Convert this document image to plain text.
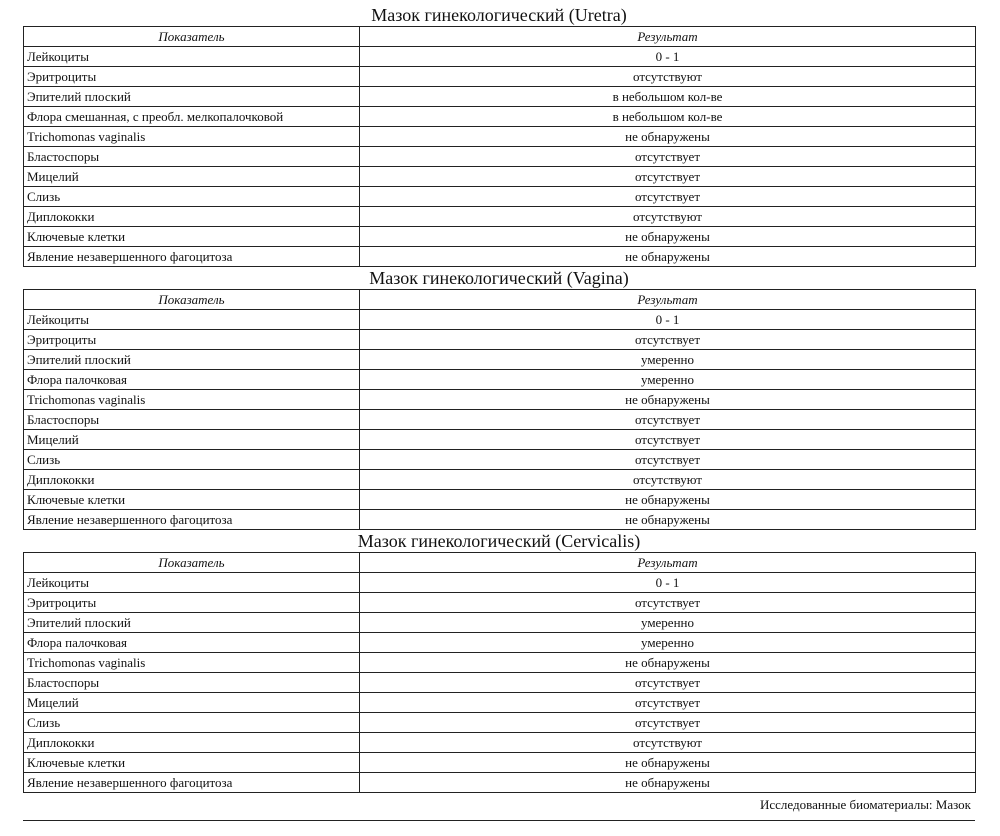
Мазок гинекологический (Uretra)
Показатель	Результат
Лейкоциты	0 - 1
Эритроциты	отсутствуют
Эпителий плоский	в небольшом кол-ве
Флора смешанная, с преобл. мелкопалочковой	в небольшом кол-ве
Trichomonas vaginalis	не обнаружены
Бластоспоры	отсутствует
Мицелий	отсутствует
Слизь	отсутствует
Диплококки	отсутствуют
Ключевые клетки	не обнаружены
Явление незавершенного фагоцитоза	не обнаружены
Мазок гинекологический (Vagina)
Показатель	Результат
Лейкоциты	0 - 1
Эритроциты	отсутствует
Эпителий плоский	умеренно
Флора палочковая	умеренно
Trichomonas vaginalis	не обнаружены
Бластоспоры	отсутствует
Мицелий	отсутствует
Слизь	отсутствует
Диплококки	отсутствуют
Ключевые клетки	не обнаружены
Явление незавершенного фагоцитоза	не обнаружены
Мазок гинекологический (Cervicalis)
Показатель	Результат
Лейкоциты	0 - 1
Эритроциты	отсутствует
Эпителий плоский	умеренно
Флора палочковая	умеренно
Trichomonas vaginalis	не обнаружены
Бластоспоры	отсутствует
Мицелий	отсутствует
Слизь	отсутствует
Диплококки	отсутствуют
Ключевые клетки	не обнаружены
Явление незавершенного фагоцитоза	не обнаружены
Исследованные биоматериалы: Мазок
